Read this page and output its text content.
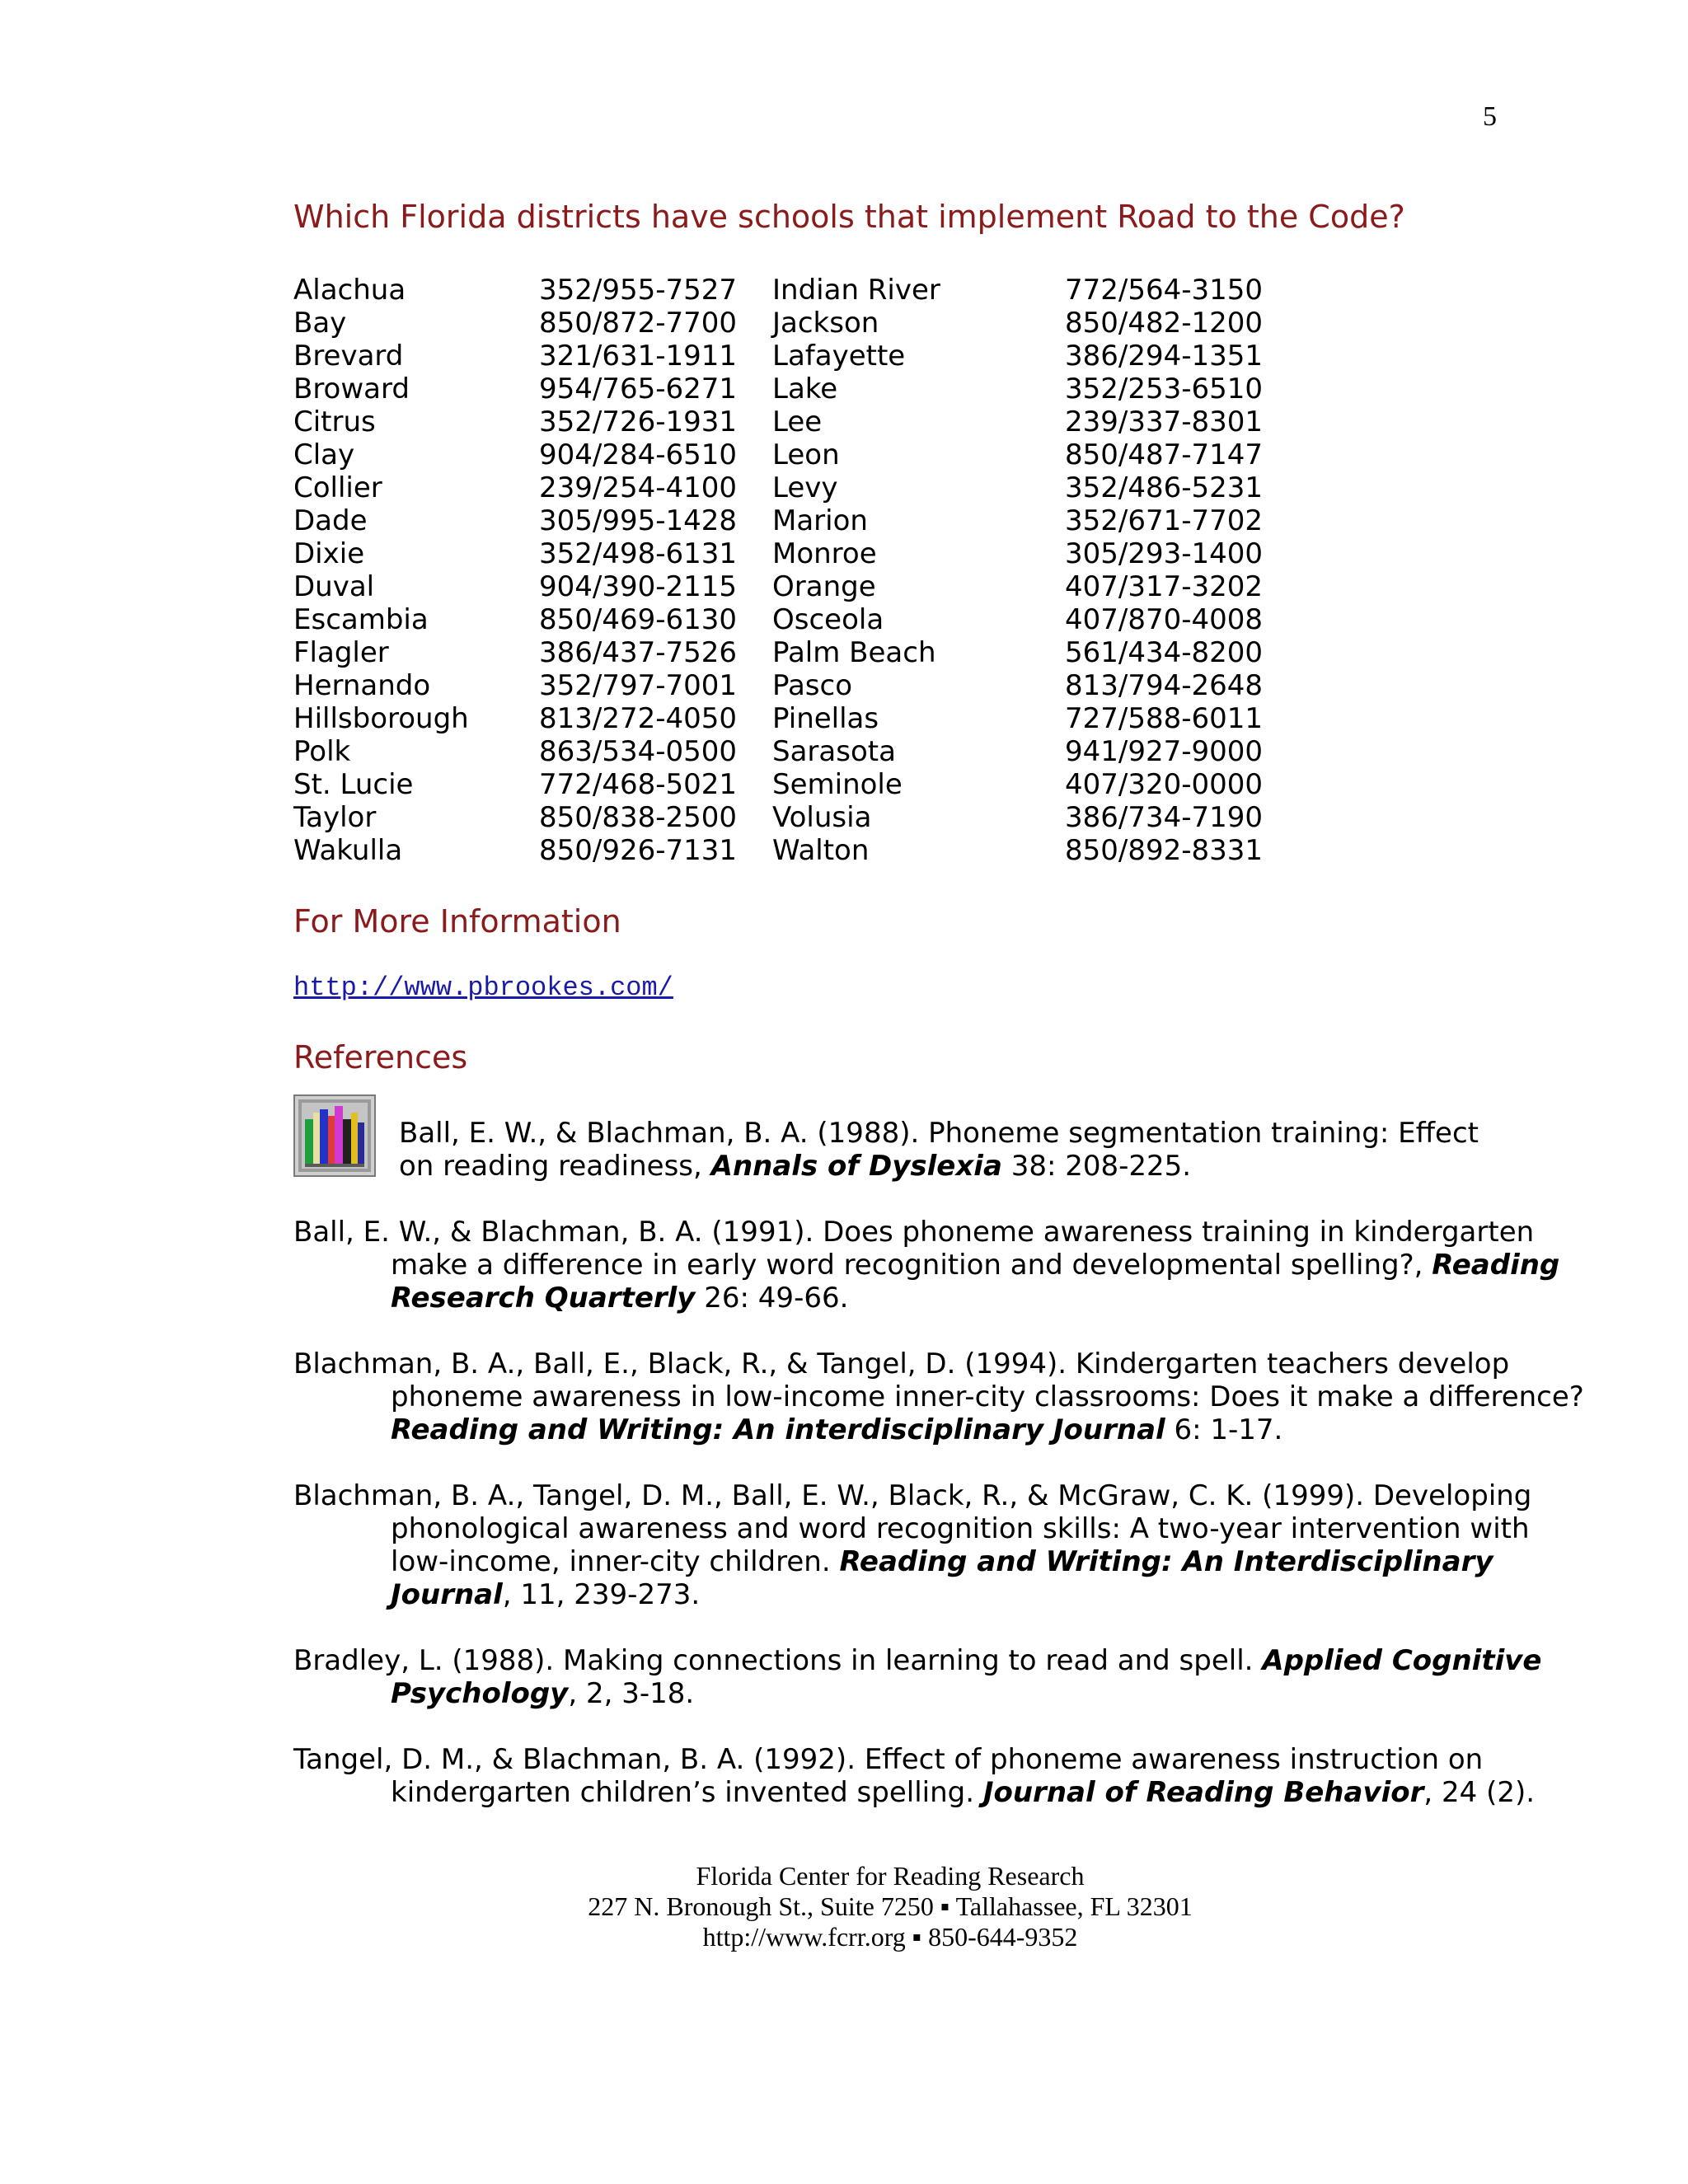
5
Which Florida districts have schools that implement Road to the Code?
Alachua	352/955-7527	Indian River	772/564-3150
Bay	850/872-7700	Jackson	850/482-1200
Brevard	321/631-1911	Lafayette	386/294-1351
Broward	954/765-6271	Lake	352/253-6510
Citrus	352/726-1931	Lee	239/337-8301
Clay	904/284-6510	Leon	850/487-7147
Collier	239/254-4100	Levy	352/486-5231
Dade	305/995-1428	Marion	352/671-7702
Dixie	352/498-6131	Monroe	305/293-1400
Duval	904/390-2115	Orange	407/317-3202
Escambia	850/469-6130	Osceola	407/870-4008
Flagler	386/437-7526	Palm Beach	561/434-8200
Hernando	352/797-7001	Pasco	813/794-2648
Hillsborough	813/272-4050	Pinellas	727/588-6011
Polk	863/534-0500	Sarasota	941/927-9000
St. Lucie	772/468-5021	Seminole	407/320-0000
Taylor	850/838-2500	Volusia	386/734-7190
Wakulla	850/926-7131	Walton	850/892-8331
For More Information
http://www.pbrookes.com/
References

Ball, E. W., & Blachman, B. A. (1988). Phoneme segmentation training: Effect on reading readiness, Annals of Dyslexia 38: 208-225.

Ball, E. W., & Blachman, B. A. (1991). Does phoneme awareness training in kindergarten make a difference in early word recognition and developmental spelling?, Reading Research Quarterly 26: 49-66.

Blachman, B. A., Ball, E., Black, R., & Tangel, D. (1994). Kindergarten teachers develop phoneme awareness in low-income inner-city classrooms: Does it make a difference? Reading and Writing: An interdisciplinary Journal 6: 1-17.

Blachman, B. A., Tangel, D. M., Ball, E. W., Black, R., & McGraw, C. K. (1999). Developing phonological awareness and word recognition skills: A two-year intervention with low-income, inner-city children. Reading and Writing: An Interdisciplinary Journal, 11, 239-273.

Bradley, L. (1988). Making connections in learning to read and spell. Applied Cognitive Psychology, 2, 3-18.

Tangel, D. M., & Blachman, B. A. (1992). Effect of phoneme awareness instruction on kindergarten children’s invented spelling. Journal of Reading Behavior, 24 (2).

Florida Center for Reading Research
227 N. Bronough St., Suite 7250 ▪ Tallahassee, FL 32301
http://www.fcrr.org ▪ 850-644-9352
